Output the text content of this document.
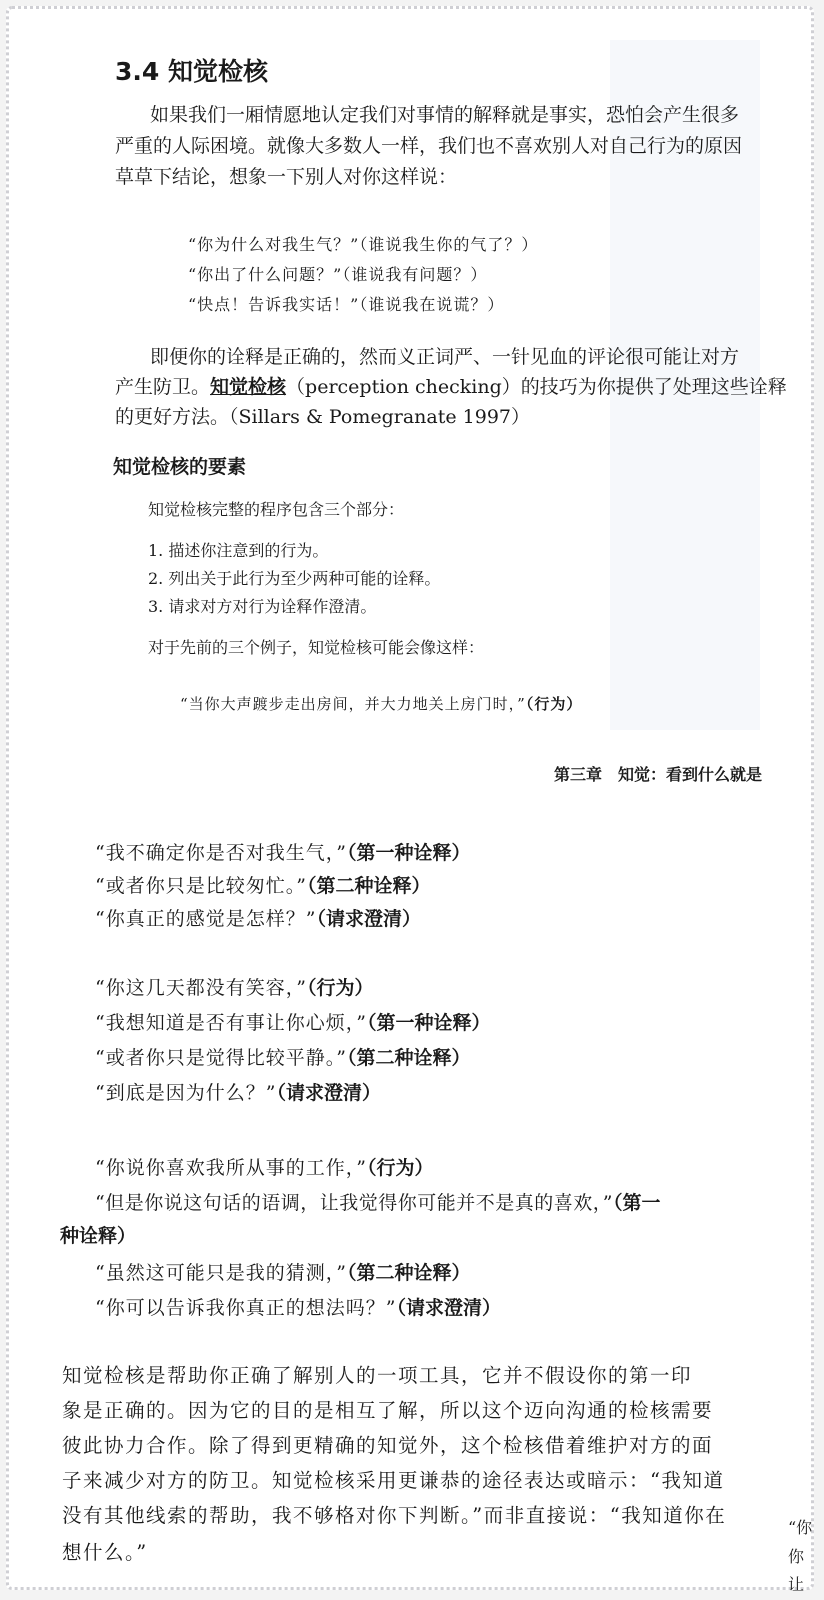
3.4 知觉检核
如果我们一厢情愿地认定我们对事情的解释就是事实，恐怕会产生很多
严重的人际困境。就像大多数人一样，我们也不喜欢别人对自己行为的原因
草草下结论，想象一下别人对你这样说：
“你为什么对我生气？”（谁说我生你的气了？）
“你出了什么问题？”（谁说我有问题？）
“快点！告诉我实话！”（谁说我在说谎？）
即便你的诠释是正确的，然而义正词严、一针见血的评论很可能让对方
产生防卫。知觉检核（perception checking）的技巧为你提供了处理这些诠释
的更好方法。（Sillars & Pomegranate 1997）
知觉检核的要素
知觉检核完整的程序包含三个部分：
1. 描述你注意到的行为。
2. 列出关于此行为至少两种可能的诠释。
3. 请求对方对行为诠释作澄清。
对于先前的三个例子，知觉检核可能会像这样：
“当你大声踱步走出房间，并大力地关上房门时，”（行为）
第三章　知觉：看到什么就是
“我不确定你是否对我生气，”（第一种诠释）
“或者你只是比较匆忙。”（第二种诠释）
“你真正的感觉是怎样？”（请求澄清）
“你这几天都没有笑容，”（行为）
“我想知道是否有事让你心烦，”（第一种诠释）
“或者你只是觉得比较平静。”（第二种诠释）
“到底是因为什么？”（请求澄清）
“你说你喜欢我所从事的工作，”（行为）
“但是你说这句话的语调，让我觉得你可能并不是真的喜欢，”（第一
种诠释）
“虽然这可能只是我的猜测，”（第二种诠释）
“你可以告诉我你真正的想法吗？”（请求澄清）
知觉检核是帮助你正确了解别人的一项工具，它并不假设你的第一印
象是正确的。因为它的目的是相互了解，所以这个迈向沟通的检核需要
彼此协力合作。除了得到更精确的知觉外，这个检核借着维护对方的面
子来减少对方的防卫。知觉检核采用更谦恭的途径表达或暗示：“我知道
没有其他线索的帮助，我不够格对你下判断。”而非直接说：“我知道你在
想什么。”
“你
你
让
